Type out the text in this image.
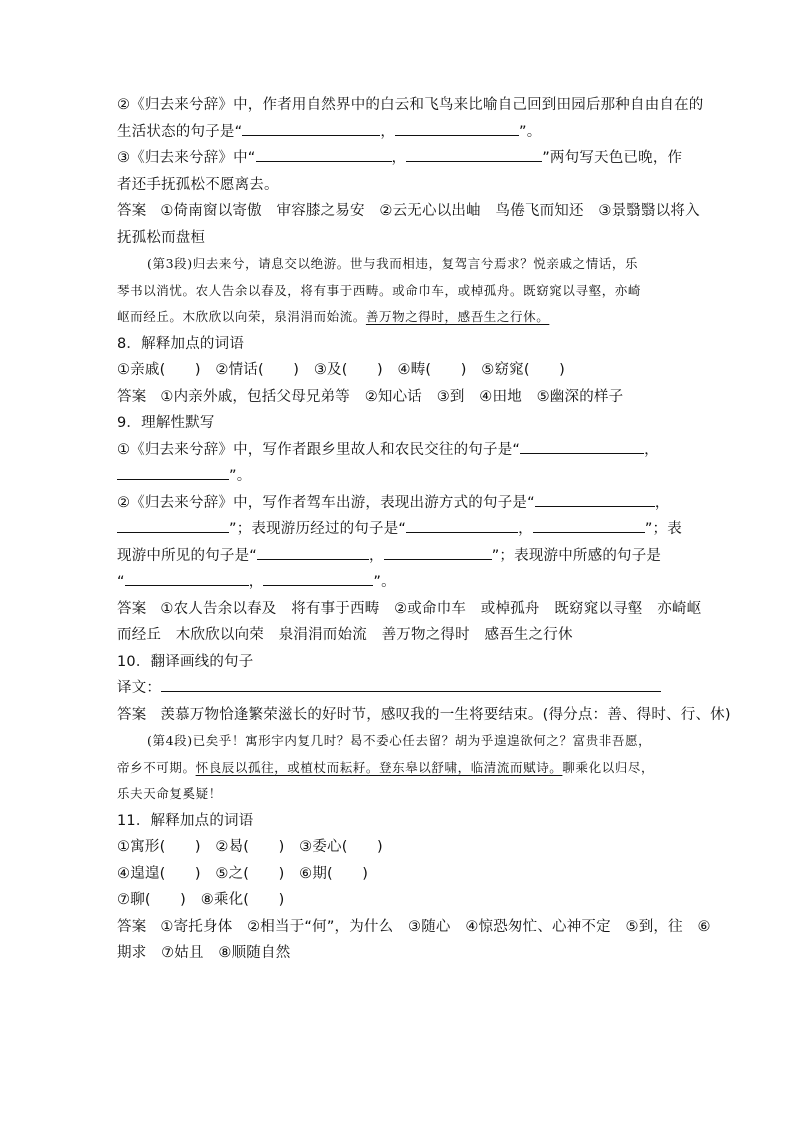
②《归去来兮辞》中，作者用自然界中的白云和飞鸟来比喻自己回到田园后那种自由自在的
生活状态的句子是“	，	”。
③《归去来兮辞》中“	，	”两句写天色已晚，作
者还手抚孤松不愿离去。
答案 ①倚南窗以寄傲　审容膝之易安　②云无心以出岫　鸟倦飞而知还　③景翳翳以将入
抚孤松而盘桓
(第3段)归去来兮，请息交以绝游。世与我而相违，复驾言兮焉求？悦亲戚之情话，乐
琴书以消忧。农人告余以春及，将有事于西畴。或命巾车，或棹孤舟。既窈窕以寻壑，亦崎
岖而经丘。木欣欣以向荣，泉涓涓而始流。善万物之得时，感吾生之行休。
8．解释加点的词语
①亲戚(　　)　②情话(　　)　③及(　　)　④畴(　　)　⑤窈窕(　　)
答案 ①内亲外戚，包括父母兄弟等　②知心话　③到　④田地　⑤幽深的样子
9．理解性默写
①《归去来兮辞》中，写作者跟乡里故人和农民交往的句子是“	，
”。
②《归去来兮辞》中，写作者驾车出游，表现出游方式的句子是“	，
”；表现游历经过的句子是“	，	”；表
现游中所见的句子是“	，	”；表现游中所感的句子是
“	，	”。
答案 ①农人告余以春及　将有事于西畴　②或命巾车　或棹孤舟　既窈窕以寻壑　亦崎岖
而经丘　木欣欣以向荣　泉涓涓而始流　善万物之得时　感吾生之行休
10．翻译画线的句子
译文：
答案 羡慕万物恰逢繁荣滋长的好时节，感叹我的一生将要结束。(得分点：善、得时、行、休)
(第4段)已矣乎！寓形宇内复几时？曷不委心任去留？胡为乎遑遑欲何之？富贵非吾愿，
帝乡不可期。怀良辰以孤往，或植杖而耘耔。登东皋以舒啸，临清流而赋诗。聊乘化以归尽，
乐夫天命复奚疑！
11．解释加点的词语
①寓形(　　)　②曷(　　)　③委心(　　)
④遑遑(　　)　⑤之(　　)　⑥期(　　)
⑦聊(　　)　⑧乘化(　　)
答案 ①寄托身体　②相当于“何”，为什么　③随心　④惊恐匆忙、心神不定　⑤到，往　⑥
期求　⑦姑且　⑧顺随自然
